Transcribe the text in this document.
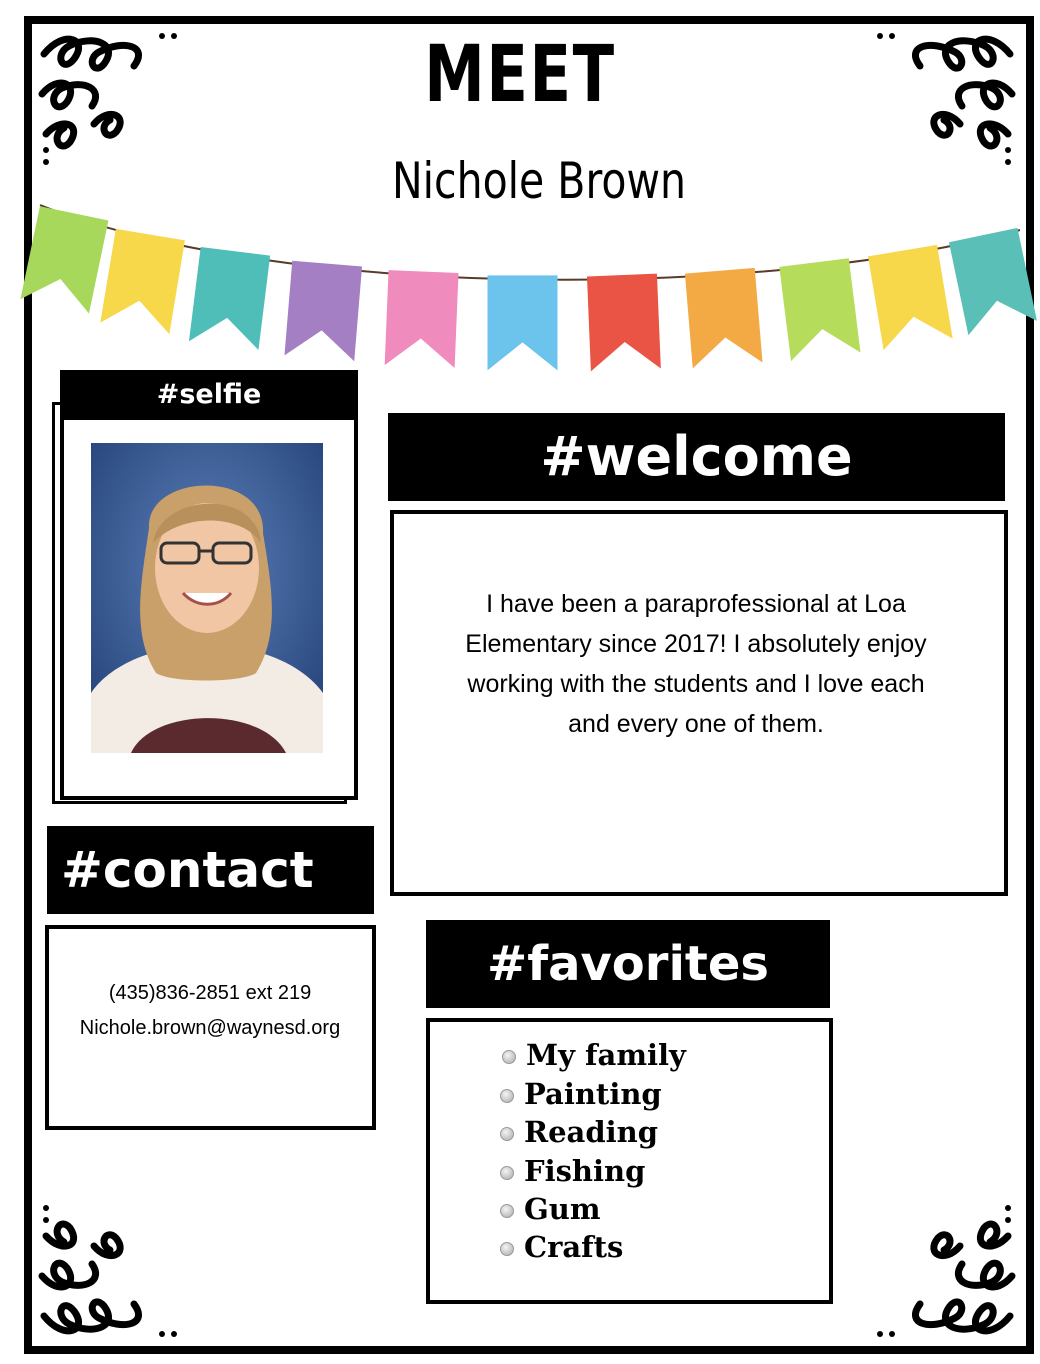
MEET
Nichole Brown
#selfie
#welcome
I have been a paraprofessional at Loa
Elementary since 2017! I absolutely enjoy
working with the students and I love each
and every one of them.
#contact
(435)836-2851 ext 219
Nichole.brown@waynesd.org
#favorites
My family
Painting
Reading
Fishing
Gum
Crafts
